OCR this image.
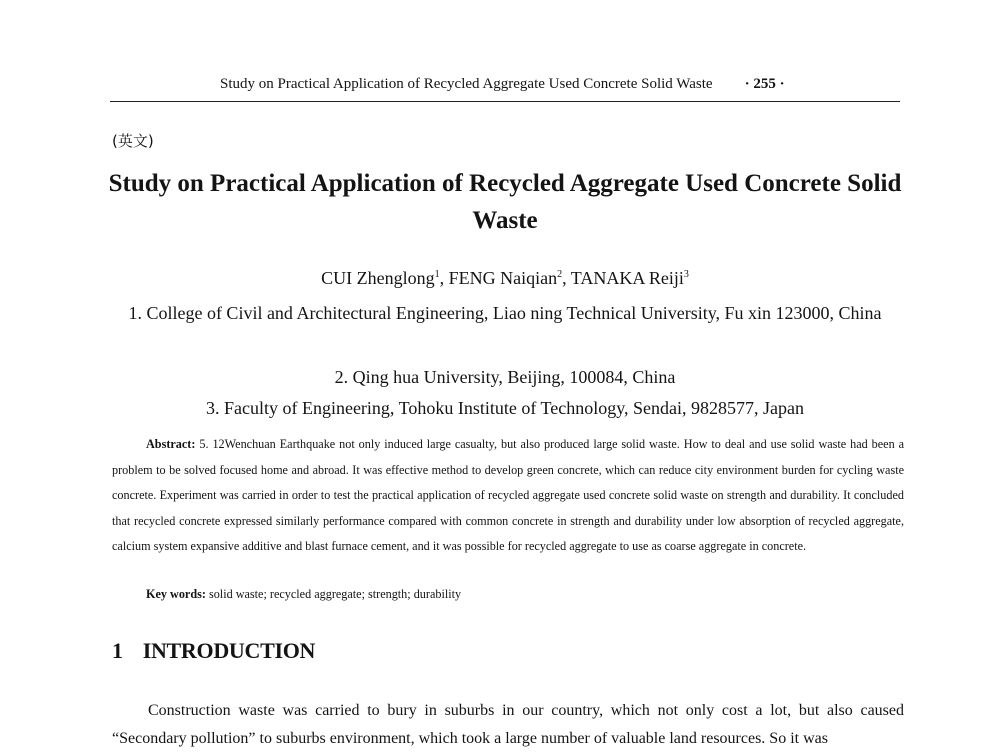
Study on Practical Application of Recycled Aggregate Used Concrete Solid Waste · 255 ·
(英文)
Study on Practical Application of Recycled Aggregate Used Concrete Solid Waste
CUI Zhenglong$^1$, FENG Naiqian$^2$, TANAKA Reiji$^3$
1. College of Civil and Architectural Engineering, Liao ning Technical University, Fu xin 123000, China
2. Qing hua University, Beijing, 100084, China
3. Faculty of Engineering, Tohoku Institute of Technology, Sendai, 9828577, Japan

Abstract: 5. 12Wenchuan Earthquake not only induced large casualty, but also produced large solid waste. How to deal and use solid waste had been a problem to be solved focused home and abroad. It was effective method to develop green concrete, which can reduce city environment burden for cycling waste concrete. Experiment was carried in order to test the practical application of recycled aggregate used concrete solid waste on strength and durability. It concluded that recycled concrete expressed similarly performance compared with common concrete in strength and durability under low absorption of recycled aggregate, calcium system expansive additive and blast furnace cement, and it was possible for recycled aggregate to use as coarse aggregate in concrete.

Key words: solid waste; recycled aggregate; strength; durability
1 INTRODUCTION

Construction waste was carried to bury in suburbs in our country, which not only cost a lot, but also caused “Secondary pollution” to suburbs environment, which took a large number of valuable land resources. So it was
